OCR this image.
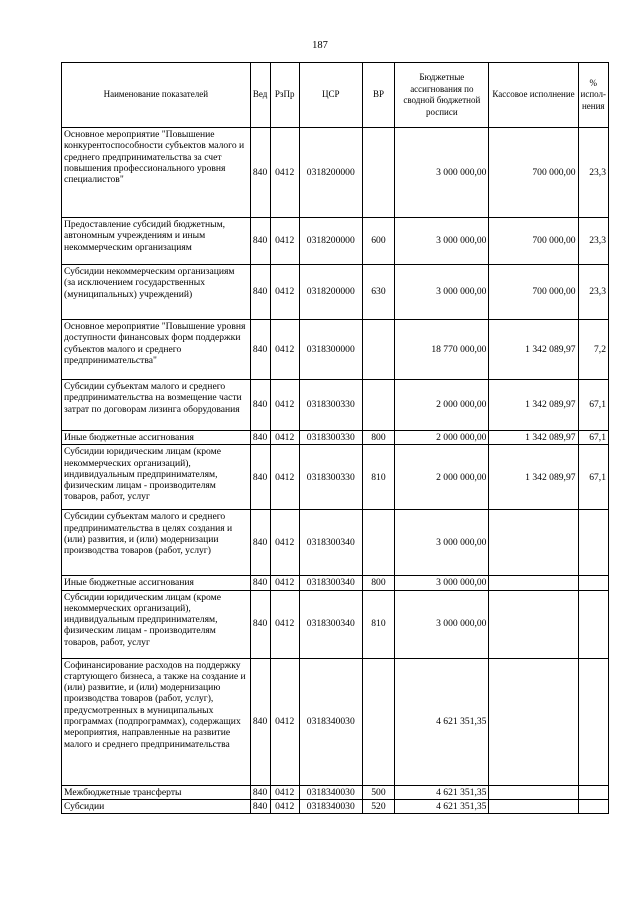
187
Наименование показателей	Вед	РзПр	ЦСР	ВР	Бюджетные ассигнования по сводной бюджетной росписи	Кассовое исполнение	% испол-нения
Основное мероприятие "Повышение конкурентоспособности субъектов малого и среднего предпринимательства за счет повышения профессионального уровня специалистов"	840	0412	0318200000		3 000 000,00	700 000,00	23,3
Предоставление субсидий бюджетным, автономным учреждениям и иным некоммерческим организациям	840	0412	0318200000	600	3 000 000,00	700 000,00	23,3
Субсидии некоммерческим организациям (за исключением государственных (муниципальных) учреждений)	840	0412	0318200000	630	3 000 000,00	700 000,00	23,3
Основное мероприятие "Повышение уровня доступности финансовых форм поддержки субъектов малого и среднего предпринимательства"	840	0412	0318300000		18 770 000,00	1 342 089,97	7,2
Субсидии субъектам малого и среднего предпринимательства на возмещение части затрат по договорам лизинга оборудования	840	0412	0318300330		2 000 000,00	1 342 089,97	67,1
Иные бюджетные ассигнования	840	0412	0318300330	800	2 000 000,00	1 342 089,97	67,1
Субсидии юридическим лицам (кроме некоммерческих организаций), индивидуальным предпринимателям, физическим лицам - производителям товаров, работ, услуг	840	0412	0318300330	810	2 000 000,00	1 342 089,97	67,1
Субсидии субъектам малого и среднего предпринимательства в целях создания и (или) развития, и (или) модернизации производства товаров (работ, услуг)	840	0412	0318300340		3 000 000,00		
Иные бюджетные ассигнования	840	0412	0318300340	800	3 000 000,00		
Субсидии юридическим лицам (кроме некоммерческих организаций), индивидуальным предпринимателям, физическим лицам - производителям товаров, работ, услуг	840	0412	0318300340	810	3 000 000,00		
Софинансирование расходов на поддержку стартующего бизнеса, а также на создание и (или) развитие, и (или) модернизацию производства товаров (работ, услуг), предусмотренных в муниципальных программах (подпрограммах), содержащих мероприятия, направленные на развитие малого и среднего предпринимательства	840	0412	0318340030		4 621 351,35		
Межбюджетные трансферты	840	0412	0318340030	500	4 621 351,35		
Субсидии	840	0412	0318340030	520	4 621 351,35		
